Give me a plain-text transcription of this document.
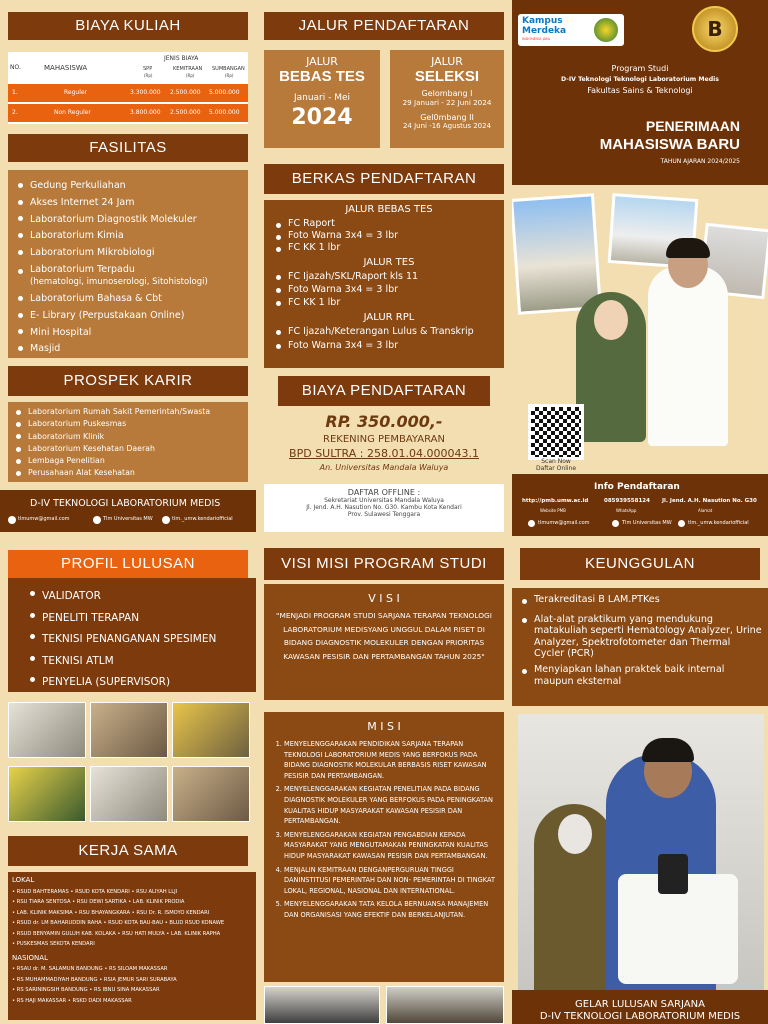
BIAYA KULIAH
NO.	MAHASISWA
JENIS BIAYA
SPP	KEMITRAAN SUMBANGAN
(Rp)	(Rp)	(Rp)
1.	Reguler	3.300.000 2.500.000 5.000.000
2.	Non Reguler	3.800.000 2.500.000 5.000.000
FASILITAS
Gedung Perkuliahan
Akses Internet 24 Jam
Laboratorium Diagnostik Molekuler
Laboratorium Kimia
Laboratorium Mikrobiologi
Laboratorium Terpadu
(hematologi, imunoserologi, Sitohistologi)
Laboratorium Bahasa & Cbt
E- Library (Perpustakaan Online)
Mini Hospital
Masjid
PROSPEK KARIR
Laboratorium Rumah Sakit Pemerintah/Swasta
Laboratorium Puskesmas
Laboratorium Klinik
Laboratorium Kesehatan Daerah
Lembaga Penelitian
Perusahaan Alat Kesehatan
D-IV TEKNOLOGI LABORATORIUM MEDIS
tlmumw@gmail.com	Tlm Universitas MW	tlm._umw.kendariofficial
JALUR PENDAFTARAN
JALUR
BEBAS TES
Januari - Mei
2024
JALUR
SELEKSI
Gelombang I
29 Januari - 22 Juni 2024
Gel0mbang II
24 Juni -16 Agustus 2024
BERKAS PENDAFTARAN
JALUR BEBAS TES
FC Raport
Foto Warna 3x4 = 3 lbr
FC KK 1 lbr
JALUR TES
FC Ijazah/SKL/Raport kls 11
Foto Warna 3x4 = 3 lbr
FC KK 1 lbr
JALUR RPL
FC Ijazah/Keterangan Lulus & Transkrip
Foto Warna 3x4 = 3 lbr
BIAYA PENDAFTARAN
RP. 350.000,-
REKENING PEMBAYARAN
BPD SULTRA : 258.01.04.000043.1
An. Universitas Mandala Waluya
DAFTAR OFFLINE :
Sekretariat Universitas Mandala Waluya
Jl. Jend. A.H. Nasution No. G30. Kambu Kota Kendari
Prov. Sulawesi Tenggara
Kampus
Merdeka
INDONESIA JAYA	B
Program Studi
D-IV Teknologi Teknologi Laboratorium Medis
Fakultas Sains & Teknologi
PENERIMAAN
MAHASISWA BARU
TAHUN AJARAN 2024/2025
Scan Now
Daftar Online
Info Pendaftaran
http://pmb.umw.ac.id
Website PMB
085939558124
WhatsApp
Jl. Jend. A.H. Nasution No. G30
Alamat
tlmumw@gmail.com	Tlm Universitas MW	tlm._umw.kendariofficial
PROFIL LULUSAN
VALIDATOR
PENELITI TERAPAN
TEKNISI PENANGANAN SPESIMEN
TEKNISI ATLM
PENYELIA (SUPERVISOR)
KERJA SAMA
LOKAL
• RSUD BAHTERAMAS • RSUD KOTA KENDARI • RSU ALIYAH LLJI
• RSU TIARA SENTOSA • RSU DEWI SARTIKA • LAB. KLINIK PRODIA
• LAB. KLINIK MAKSIMA • RSU BHAYANGKARA • RSU Dr. R. ISMOYO KENDARI
• RSUD dr. LM BAHARUDDIN RAHA • RSUD KOTA BAU-BAU • BLUD RSUD KONAWE
• RSUD BENYAMIN GULUH KAB. KOLAKA • RSU HATI MULYA • LAB. KLINIK RAPHA
• PUSKESMAS SEKOTA KENDARI
NASIONAL
• RSAU dr. M. SALAMUN BANDUNG • RS SILOAM MAKASSAR
• RS MUHAMMADIYAH BANDUNG • RSIA JEMUR SARI SURABAYA
• RS SARININGSIH BANDUNG • RS IBNU SINA MAKASSAR
• RS HAJI MAKASSAR • RSKD DADI MAKASSAR
VISI MISI PROGRAM STUDI
V I S I
"MENJADI PROGRAM STUDI SARJANA TERAPAN TEKNOLOGI LABORATORIUM MEDISYANG UNGGUL DALAM RISET DI BIDANG DIAGNOSTIK MOLEKULER DENGAN PRIORITAS KAWASAN PESISIR DAN PERTAMBANGAN TAHUN 2025"
M I S I
1. MENYELENGGARAKAN PENDIDIKAN SARJANA TERAPAN TEKNOLOGI LABORATORIUM MEDIS YANG BERFOKUS PADA BIDANG DIAGNOSTIK MOLEKULAR BERBASIS RISET KAWASAN PESISIR DAN PERTAMBANGAN.
2. MENYELENGGARAKAN KEGIATAN PENELITIAN PADA BIDANG DIAGNOSTIK MOLEKULER YANG BERFOKUS PADA PENINGKATAN KUALITAS HIDUP MASYARAKAT KAWASAN PESISIR DAN PERTAMBANGAN.
3. MENYELENGGARAKAN KEGIATAN PENGABDIAN KEPADA MASYARAKAT YANG MENGUTAMAKAN PENINGKATAN KUALITAS HIDUP MASYARAKAT KAWASAN PESISIR DAN PERTAMBANGAN.
4. MENJALIN KEMITRAAN DENGANPERGURUAN TINGGI DANINSTITUSI PEMERINTAH DAN NON- PEMERINTAH DI TINGKAT LOKAL, REGIONAL, NASIONAL DAN INTERNATIONAL.
5. MENYELENGGARAKAN TATA KELOLA BERNUANSA MANAJEMEN DAN ORGANISASI YANG EFEKTIF DAN BERKELANJUTAN.
KEUNGGULAN
Terakreditasi B LAM.PTKes
Alat-alat praktikum yang mendukung matakuliah seperti Hematology Analyzer, Urine Analyzer, Spektrofotometer dan Thermal Cycler (PCR)
Menyiapkan lahan praktek baik internal maupun eksternal
GELAR LULUSAN SARJANA
D-IV TEKNOLOGI LABORATORIUM MEDIS
